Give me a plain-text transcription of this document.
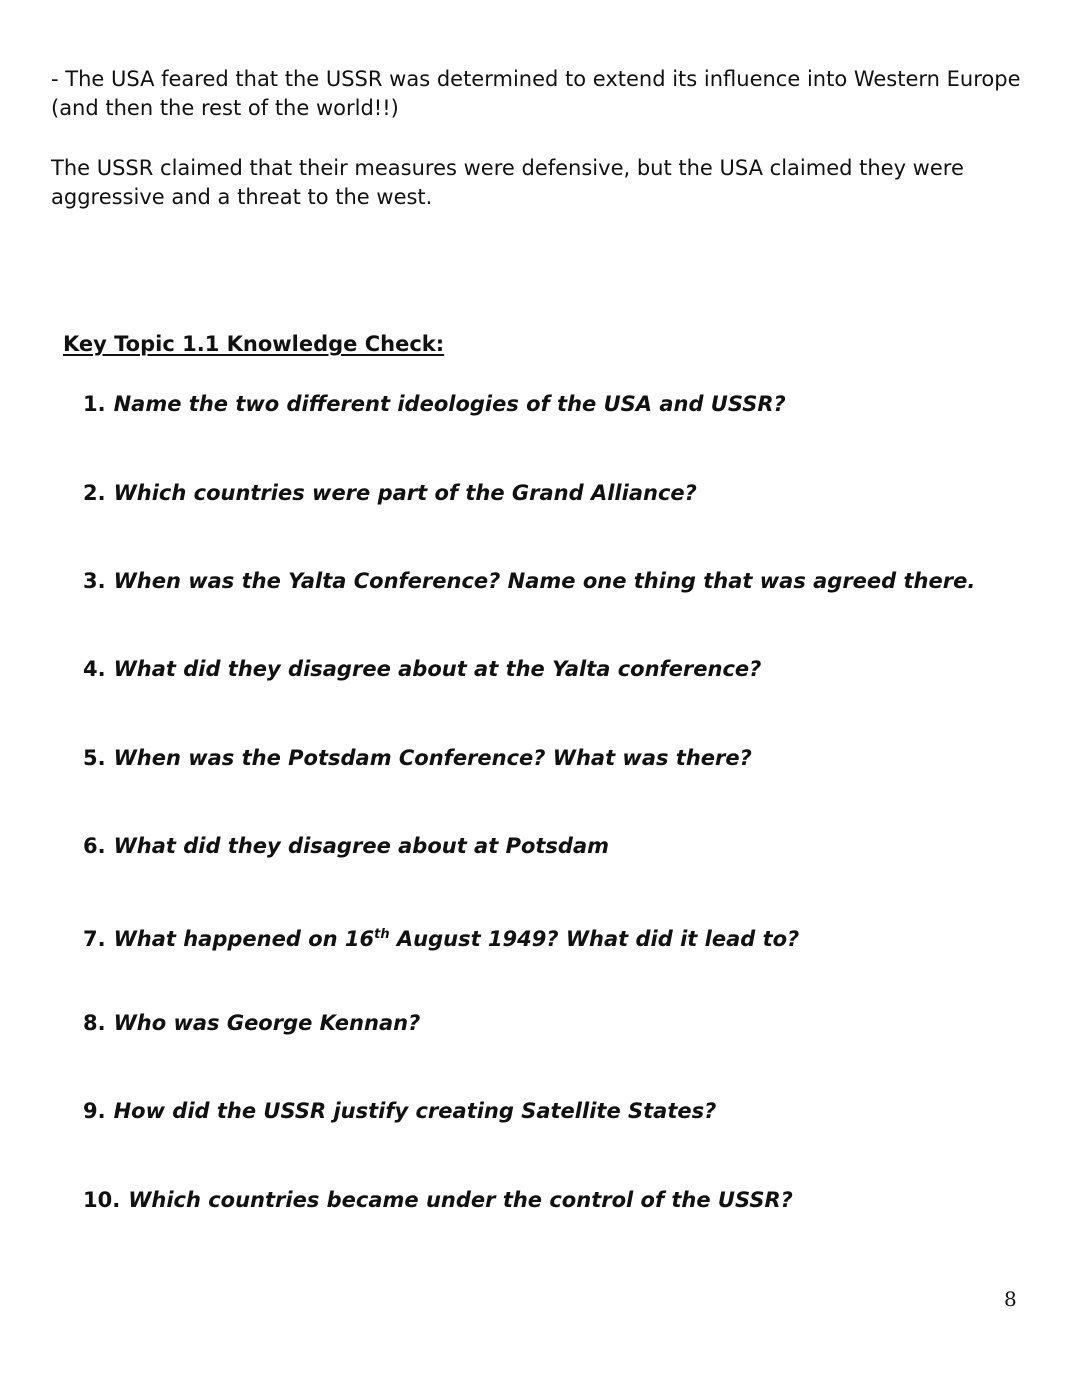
- The USA feared that the USSR was determined to extend its influence into Western Europe (and then the rest of the world!!)

The USSR claimed that their measures were defensive, but the USA claimed they were aggressive and a threat to the west.

Key Topic 1.1 Knowledge Check:
1. Name the two different ideologies of the USA and USSR?
2. Which countries were part of the Grand Alliance?
3. When was the Yalta Conference? Name one thing that was agreed there.
4. What did they disagree about at the Yalta conference?
5. When was the Potsdam Conference? What was there?
6. What did they disagree about at Potsdam
7. What happened on 16th August 1949? What did it lead to?
8. Who was George Kennan?
9. How did the USSR justify creating Satellite States?
10. Which countries became under the control of the USSR?
8
